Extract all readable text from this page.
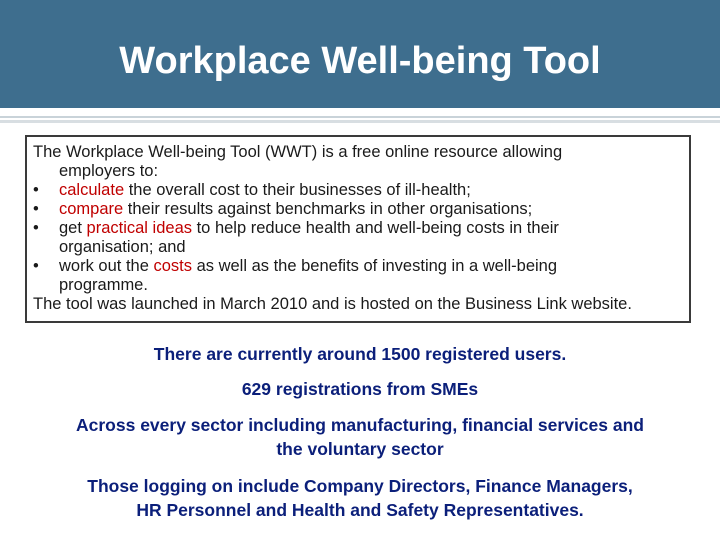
Workplace Well-being Tool
The Workplace Well-being Tool (WWT) is a free online resource allowing
employers to:
•	calculate the overall cost to their businesses of ill-health;
•	compare their results against benchmarks in other organisations;
•	get practical ideas to help reduce health and well-being costs in their
organisation; and
•	work out the costs as well as the benefits of investing in a well-being
programme.
The tool was launched in March 2010 and is hosted on the Business Link website.
There are currently around 1500 registered users.
629 registrations from SMEs
Across every sector including manufacturing, financial services and
the voluntary sector
Those logging on include Company Directors, Finance Managers,
HR Personnel and Health and Safety Representatives.
